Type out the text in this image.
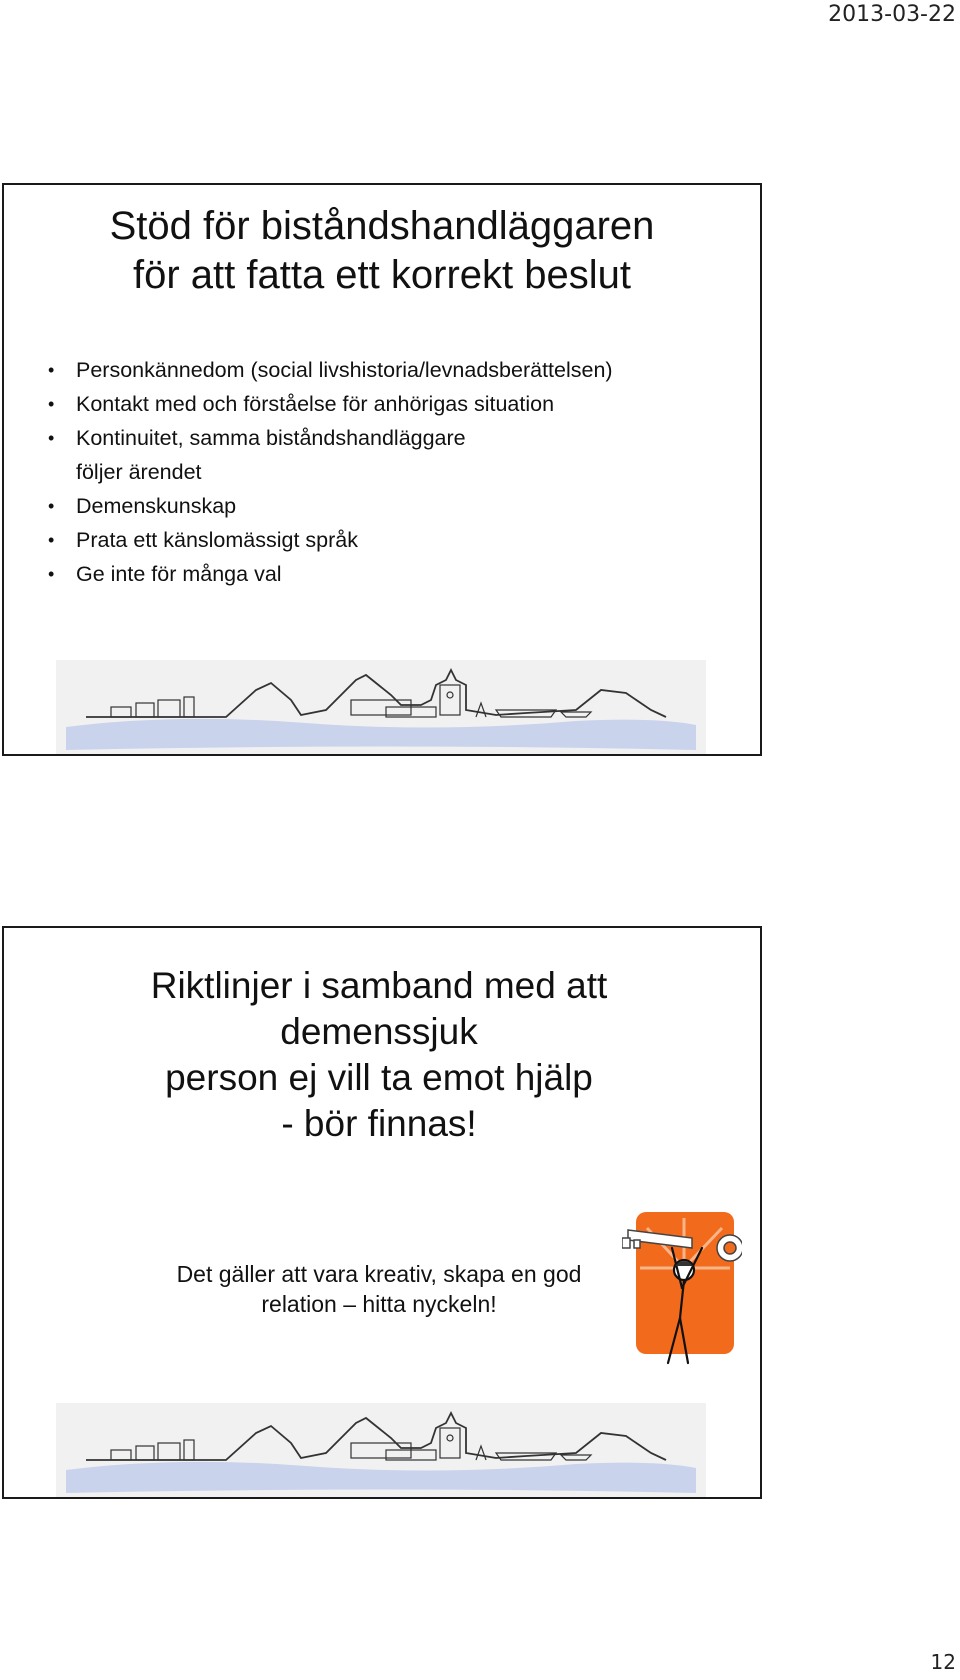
2013-03-22
Stöd för biståndshandläggaren
för att fatta ett korrekt beslut
• Personkännedom (social livshistoria/levnadsberättelsen)
• Kontakt med och förståelse för anhörigas situation
• Kontinuitet, samma biståndshandläggare
följer ärendet
• Demenskunskap
• Prata ett känslomässigt språk
• Ge inte för många val
Riktlinjer i samband med att
demenssjuk
person ej vill ta emot hjälp
- bör finnas!
Det gäller att vara kreativ, skapa en god
relation – hitta nyckeln!
12
